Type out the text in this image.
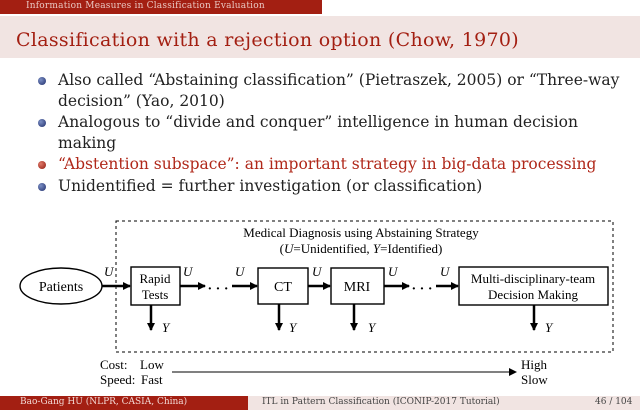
Information Measures in Classification Evaluation
Classification with a rejection option (Chow, 1970)
Also called “Abstaining classification” (Pietraszek, 2005) or “Three-way decision” (Yao, 2010)
Analogous to “divide and conquer” intelligence in human decision making
“Abstention subspace”: an important strategy in big-data processing
Unidentified = further investigation (or classification)
Medical Diagnosis using Abstaining Strategy
(U=Unidentified, Y=Identified)
Patients	· · ·	· · ·
U	U	U	U	U	U
Rapid
Tests	CT	MRI
Multi-disciplinary-team
Decision Making
Y	Y	Y	Y
Cost: Low
Speed: Fast
High
Slow
Bao-Gang HU (NLPR, CASIA, China)	ITL in Pattern Classification (ICONIP-2017 Tutorial)	46 / 104
